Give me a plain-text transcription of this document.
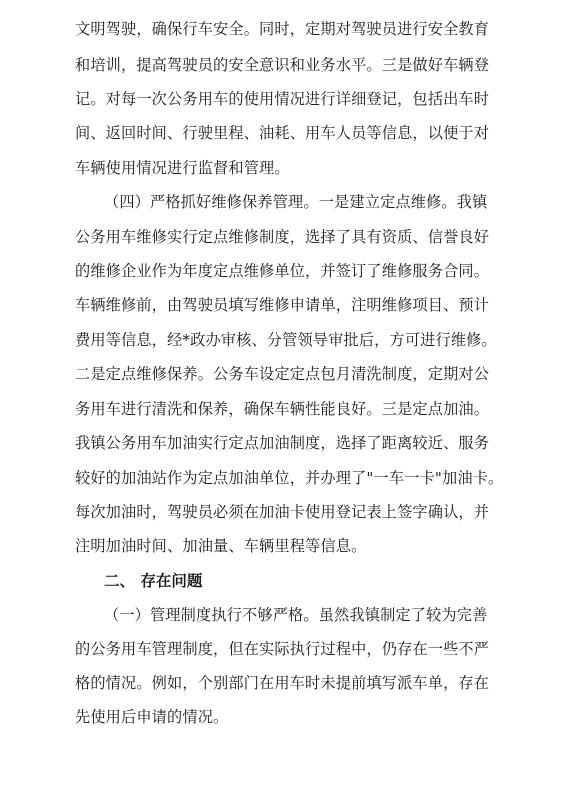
文明驾驶，确保行车安全。同时，定期对驾驶员进行安全教育
和培训，提高驾驶员的安全意识和业务水平。三是做好车辆登
记。对每一次公务用车的使用情况进行详细登记，包括出车时
间、返回时间、行驶里程、油耗、用车人员等信息，以便于对
车辆使用情况进行监督和管理。
（四）严格抓好维修保养管理。一是建立定点维修。我镇
公务用车维修实行定点维修制度，选择了具有资质、信誉良好
的维修企业作为年度定点维修单位，并签订了维修服务合同。
车辆维修前，由驾驶员填写维修申请单，注明维修项目、预计
费用等信息，经*政办审核、分管领导审批后，方可进行维修。
二是定点维修保养。公务车设定定点包月清洗制度，定期对公
务用车进行清洗和保养，确保车辆性能良好。三是定点加油。
我镇公务用车加油实行定点加油制度，选择了距离较近、服务
较好的加油站作为定点加油单位，并办理了"一车一卡"加油卡。
每次加油时，驾驶员必须在加油卡使用登记表上签字确认，并
注明加油时间、加油量、车辆里程等信息。
二、 存在问题
（一）管理制度执行不够严格。虽然我镇制定了较为完善
的公务用车管理制度，但在实际执行过程中，仍存在一些不严
格的情况。例如，个别部门在用车时未提前填写派车单，存在
先使用后申请的情况。
